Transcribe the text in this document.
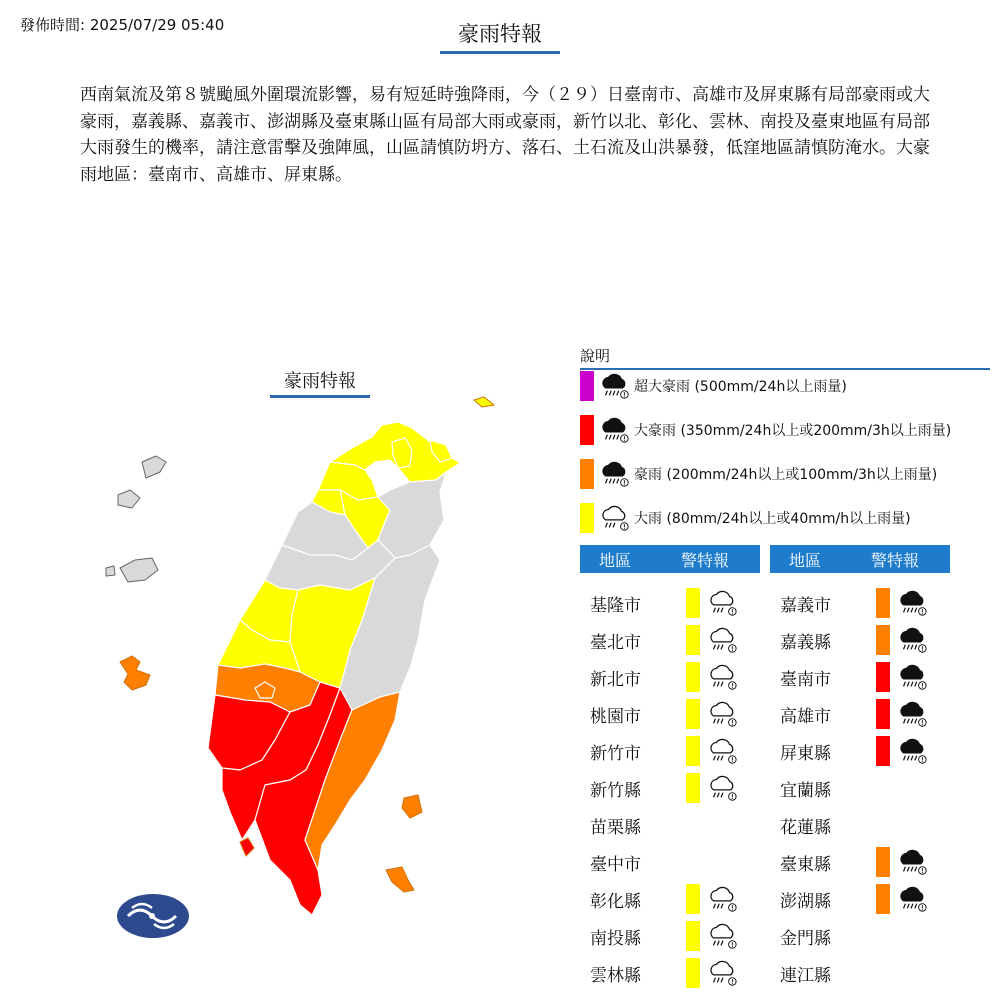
發佈時間: 2025/07/29 05:40	豪雨特報
西南氣流及第８號颱風外圍環流影響，易有短延時強降雨，今（２９）日臺南市、高雄市及屏東縣有局部豪雨或大豪雨，嘉義縣、嘉義市、澎湖縣及臺東縣山區有局部大雨或豪雨，新竹以北、彰化、雲林、南投及臺東地區有局部大雨發生的機率，請注意雷擊及強陣風，山區請慎防坍方、落石、土石流及山洪暴發，低窪地區請慎防淹水。大豪雨地區：臺南市、高雄市、屏東縣。
豪雨特報
說明
超大豪雨 (500mm/24h以上雨量)
大豪雨 (350mm/24h以上或200mm/3h以上雨量)
豪雨 (200mm/24h以上或100mm/3h以上雨量)
大雨 (80mm/24h以上或40mm/h以上雨量)
地區	警特報
基隆市
臺北市
新北市
桃園市
新竹市
新竹縣
苗栗縣
臺中市
彰化縣
南投縣
雲林縣
地區	警特報
嘉義市
嘉義縣
臺南市
高雄市
屏東縣
宜蘭縣
花蓮縣
臺東縣
澎湖縣
金門縣
連江縣
